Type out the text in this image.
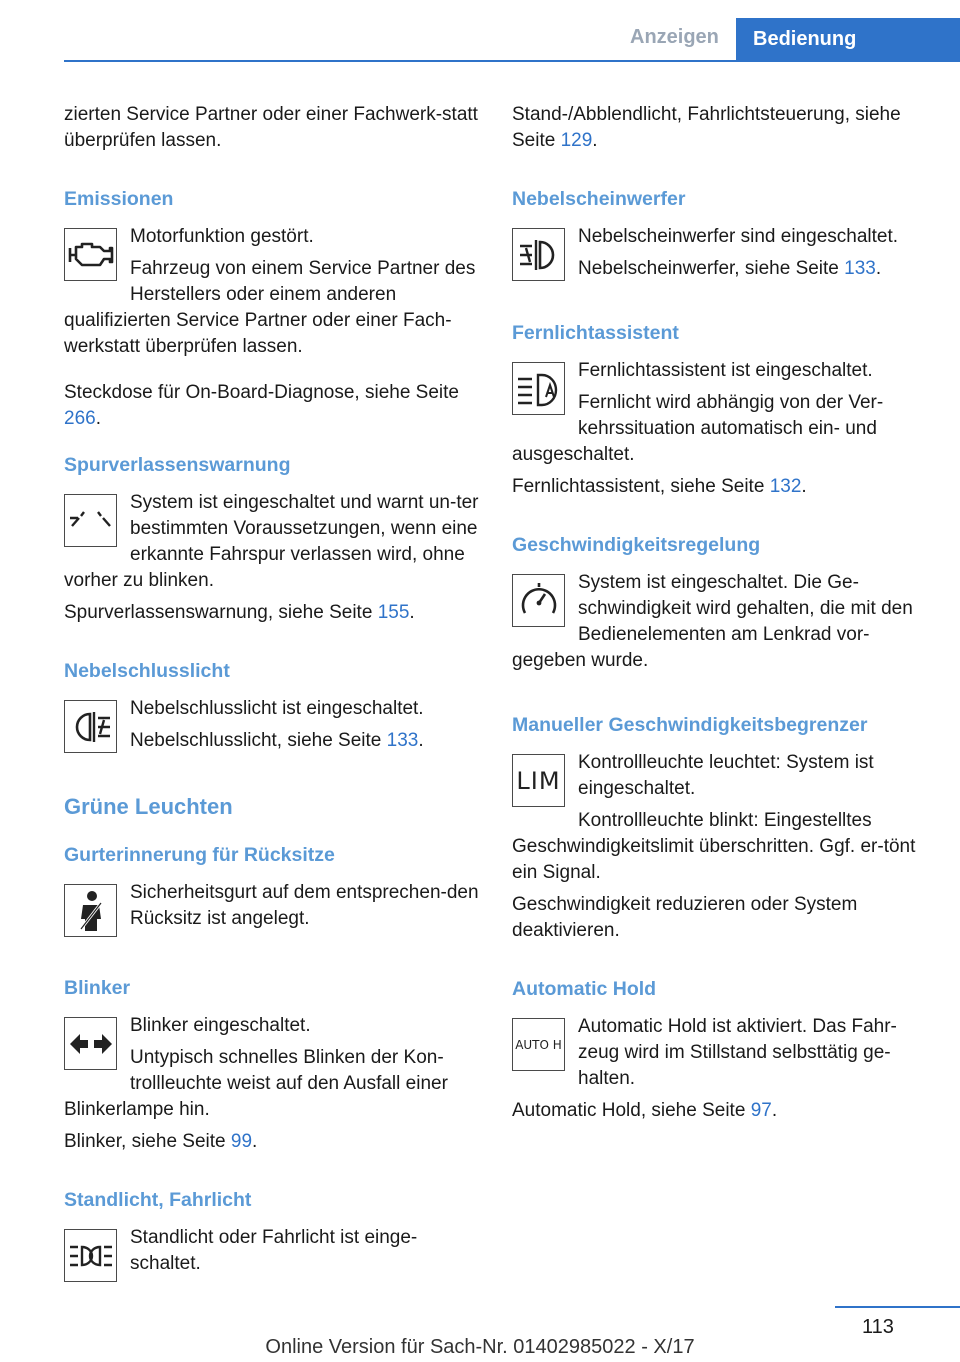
Anzeigen	Bedienung

zierten Service Partner oder einer Fachwerk-statt überprüfen lassen.

Emissionen

Motorfunktion gestört.

Fahrzeug von einem Service Partner des Herstellers oder einem anderen qualifizierten Service Partner oder einer Fach-werkstatt überprüfen lassen.

Steckdose für On-Board-Diagnose, siehe Seite 266.

Spurverlassenswarnung

System ist eingeschaltet und warnt un-ter bestimmten Voraussetzungen, wenn eine erkannte Fahrspur verlassen wird, ohne vorher zu blinken.

Spurverlassenswarnung, siehe Seite 155.

Nebelschlusslicht

Nebelschlusslicht ist eingeschaltet.

Nebelschlusslicht, siehe Seite 133.

Grüne Leuchten
Gurterinnerung für Rücksitze

Sicherheitsgurt auf dem entsprechen-den Rücksitz ist angelegt.

Blinker

Blinker eingeschaltet.

Untypisch schnelles Blinken der Kon-trollleuchte weist auf den Ausfall einer Blinkerlampe hin.

Blinker, siehe Seite 99.

Standlicht, Fahrlicht

Standlicht oder Fahrlicht ist einge-schaltet.

Stand-/Abblendlicht, Fahrlichtsteuerung, siehe Seite 129.

Nebelscheinwerfer

Nebelscheinwerfer sind eingeschaltet.

Nebelscheinwerfer, siehe Seite 133.

Fernlichtassistent

Fernlichtassistent ist eingeschaltet.

Fernlicht wird abhängig von der Ver-kehrssituation automatisch ein- und ausgeschaltet.

Fernlichtassistent, siehe Seite 132.

Geschwindigkeitsregelung

System ist eingeschaltet. Die Ge-schwindigkeit wird gehalten, die mit den Bedienelementen am Lenkrad vor-gegeben wurde.

Manueller Geschwindigkeitsbegrenzer
LIM

Kontrollleuchte leuchtet: System ist eingeschaltet.

Kontrollleuchte blinkt: Eingestelltes Geschwindigkeitslimit überschritten. Ggf. er-tönt ein Signal.

Geschwindigkeit reduzieren oder System deaktivieren.

Automatic Hold
AUTO H

Automatic Hold ist aktiviert. Das Fahr-zeug wird im Stillstand selbsttätig ge-halten.

Automatic Hold, siehe Seite 97.

113
Online Version für Sach-Nr. 01402985022 - X/17
